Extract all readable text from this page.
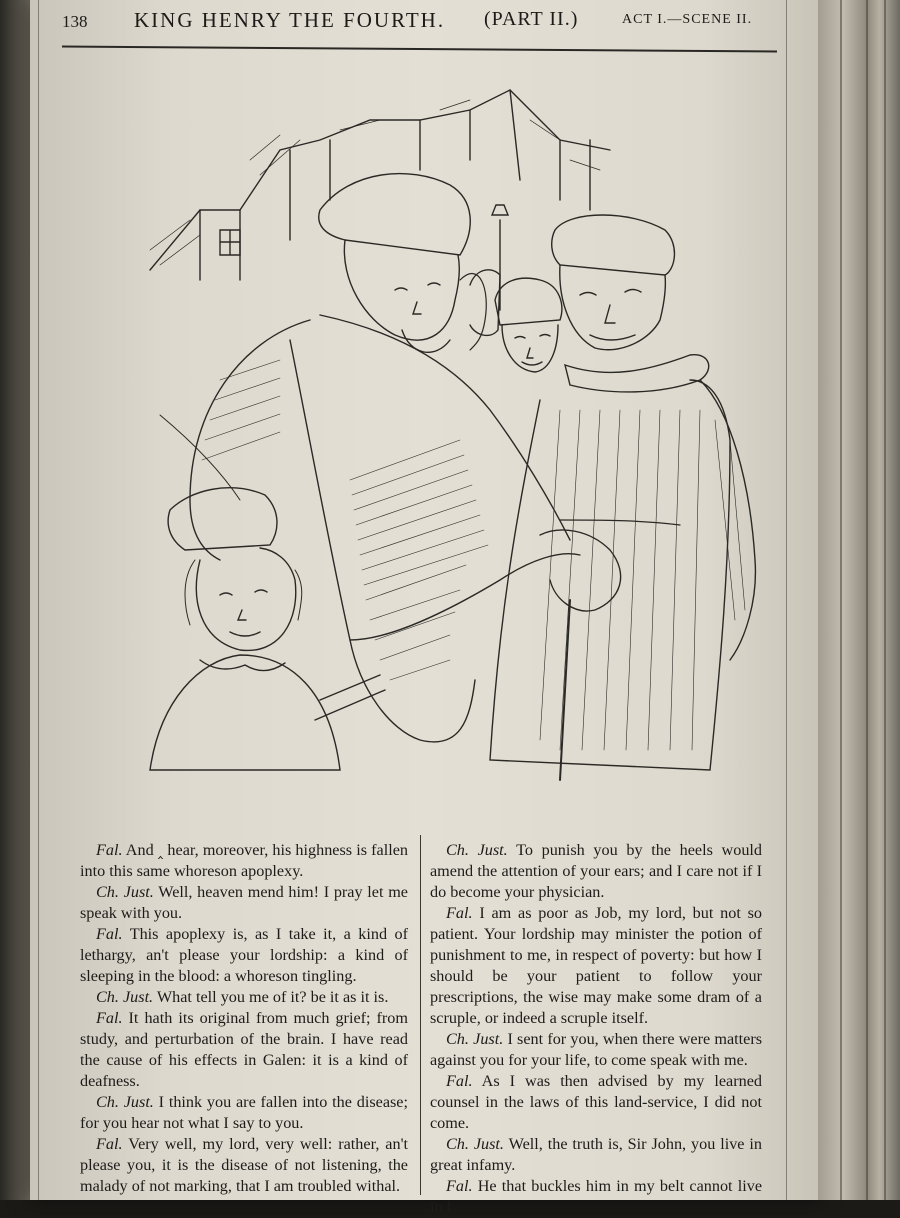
138 KING HENRY THE FOURTH. (PART II.)	ACT I.—SCENE II.

Fal. And ‸ hear, moreover, his highness is fallen into this same whoreson apoplexy.

Ch. Just. Well, heaven mend him! I pray let me speak with you.

Fal. This apoplexy is, as I take it, a kind of lethargy, an't please your lordship: a kind of sleeping in the blood: a whoreson tingling.

Ch. Just. What tell you me of it? be it as it is.

Fal. It hath its original from much grief; from study, and perturbation of the brain. I have read the cause of his effects in Galen: it is a kind of deafness.

Ch. Just. I think you are fallen into the disease; for you hear not what I say to you.

Fal. Very well, my lord, very well: rather, an't please you, it is the disease of not listening, the malady of not marking, that I am troubled withal.

Ch. Just. To punish you by the heels would amend the attention of your ears; and I care not if I do become your physician.

Fal. I am as poor as Job, my lord, but not so patient. Your lordship may minister the potion of punishment to me, in respect of poverty: but how I should be your patient to follow your prescriptions, the wise may make some dram of a scruple, or indeed a scruple itself.

Ch. Just. I sent for you, when there were matters against you for your life, to come speak with me.

Fal. As I was then advised by my learned counsel in the laws of this land-service, I did not come.

Ch. Just. Well, the truth is, Sir John, you live in great infamy.

Fal. He that buckles him in my belt cannot live in l
